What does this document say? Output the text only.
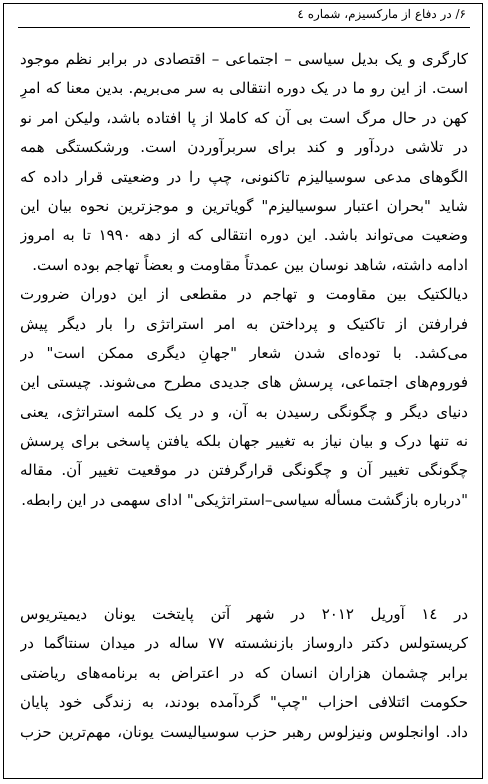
۶/ در دفاع از مارکسیزم، شماره ٤
کارگری و یک بدیل سیاسی – اجتماعی – اقتصادی در برابر نظم موجود
است. از این رو ما در یک دوره انتقالی به سر می‌بریم. بدین معنا که امرِ
کهن در حال مرگ است بی آن که کاملا از پا افتاده باشد، ولیکن امر نو
در تلاشی دردآور و کند برای سربرآوردن است. ورشکستگی همه
الگوهای مدعی سوسیالیزم تاکنونی، چپ را در وضعیتی قرار داده که
شاید "بحران اعتبار سوسیالیزم" گویاترین و موجزترین نحوه بیان این
وضعیت می‌تواند باشد. این دوره انتقالی که از دهه ۱۹۹۰ تا به امروز
ادامه داشته، شاهد نوسان بین عمدتاً مقاومت و بعضاً تهاجم بوده است.
دیالکتیک بین مقاومت و تهاجم در مقطعی از این دوران ضرورت
فرارفتن از تاکتیک و پرداختن به امر استراتژی را بار دیگر پیش
می‌کشد. با توده‌ای شدن شعار "جهانِ دیگری ممکن است" در
فوروم‌های اجتماعی، پرسش های جدیدی مطرح می‌شوند. چیستی این
دنیای دیگر و چگونگی رسیدن به آن، و در یک کلمه استراتژی، یعنی
نه تنها درک و بیان نیاز به تغییر جهان بلکه یافتن پاسخی برای پرسش
چگونگی تغییر آن و چگونگی قرارگرفتن در موقعیت تغییر آن. مقاله
"درباره بازگشت مسأله سیاسی–استراتژیکی" ادای سهمی در این رابطه.
در ١٤ آوریل ۲۰۱۲ در شهر آتن پایتخت یونان دیمیتریوس
کریستولس دکتر داروساز بازنشسته ۷۷ ساله در میدان سنتاگما در
برابر چشمان هزاران انسان که در اعتراض به برنامه‌های ریاضتی
حکومت ائتلافی احزاب "چپ" گردآمده بودند، به زندگی خود پایان
داد. اوانجلوس ونیزلوس رهبر حزب سوسیالیست یونان، مهم‌ترین حزب
